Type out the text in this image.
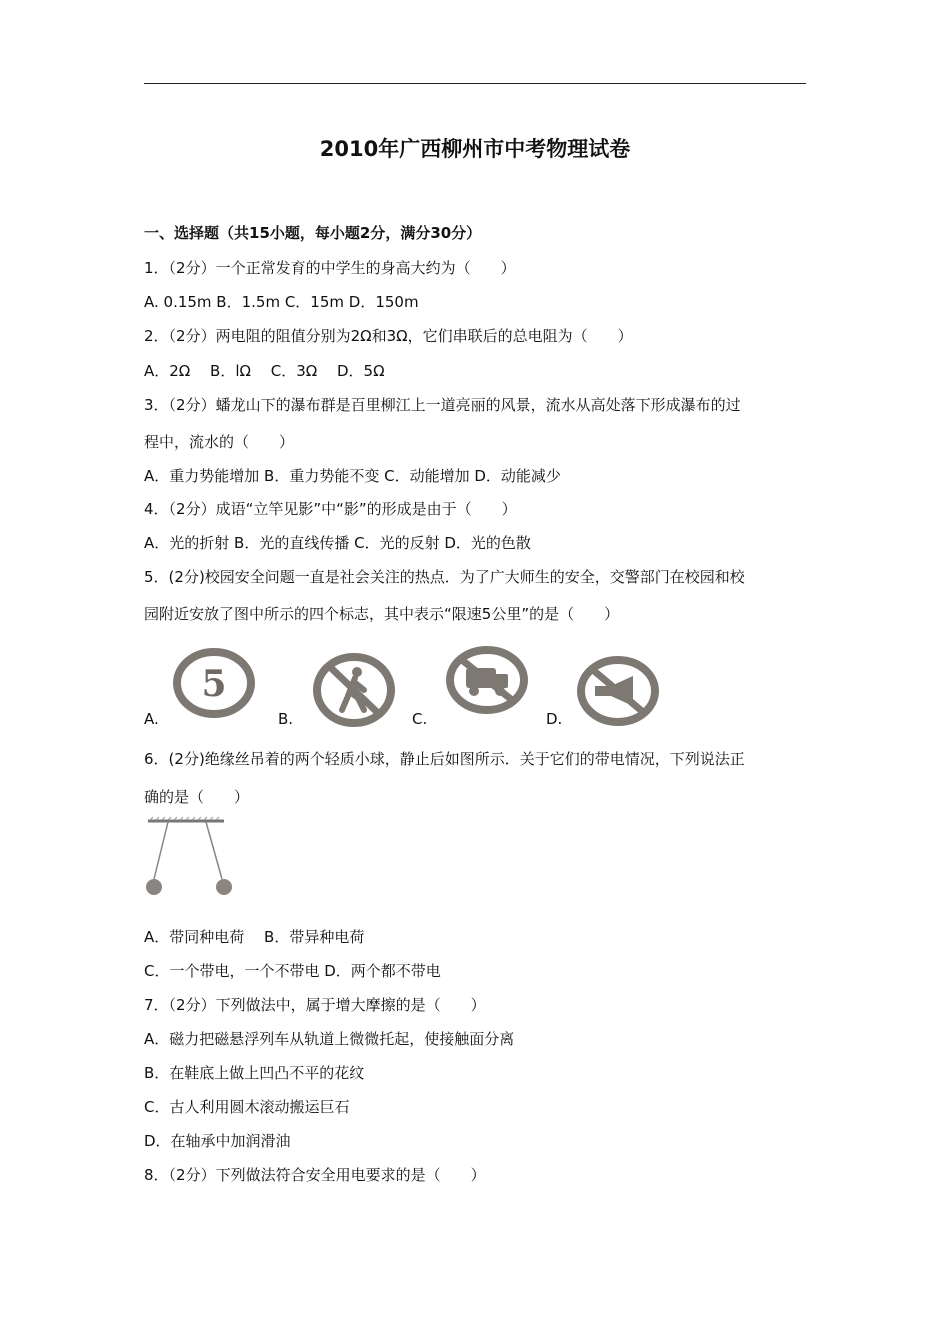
2010年广西柳州市中考物理试卷
一、选择题（共15小题，每小题2分，满分30分）
1．（2分）一个正常发育的中学生的身高大约为（　　）
A. 0.15m B．1.5m C．15m D．150m
2．（2分）两电阻的阻值分别为2Ω和3Ω，它们串联后的总电阻为（　　）
A．2Ω　 B．lΩ　 C．3Ω　 D．5Ω
3．（2分）蟠龙山下的瀑布群是百里柳江上一道亮丽的风景，流水从高处落下形成瀑布的过
程中，流水的（　　）
A．重力势能增加 B．重力势能不变 C．动能增加 D．动能减少
4．（2分）成语“立竿见影”中“影”的形成是由于（　　）
A．光的折射 B．光的直线传播 C．光的反射 D．光的色散
5．(2分)校园安全问题一直是社会关注的热点．为了广大师生的安全，交警部门在校园和校
园附近安放了图中所示的四个标志，其中表示“限速5公里”的是（　　）
A.
5
B.	C.	D.
6．(2分)绝缘丝吊着的两个轻质小球，静止后如图所示．关于它们的带电情况，下列说法正
确的是（　　）
A．带同种电荷　 B．带异种电荷
C．一个带电，一个不带电 D．两个都不带电
7．（2分）下列做法中，属于增大摩擦的是（　　）
A．磁力把磁悬浮列车从轨道上微微托起，使接触面分离
B．在鞋底上做上凹凸不平的花纹
C．古人利用圆木滚动搬运巨石
D．在轴承中加润滑油
8．（2分）下列做法符合安全用电要求的是（　　）
